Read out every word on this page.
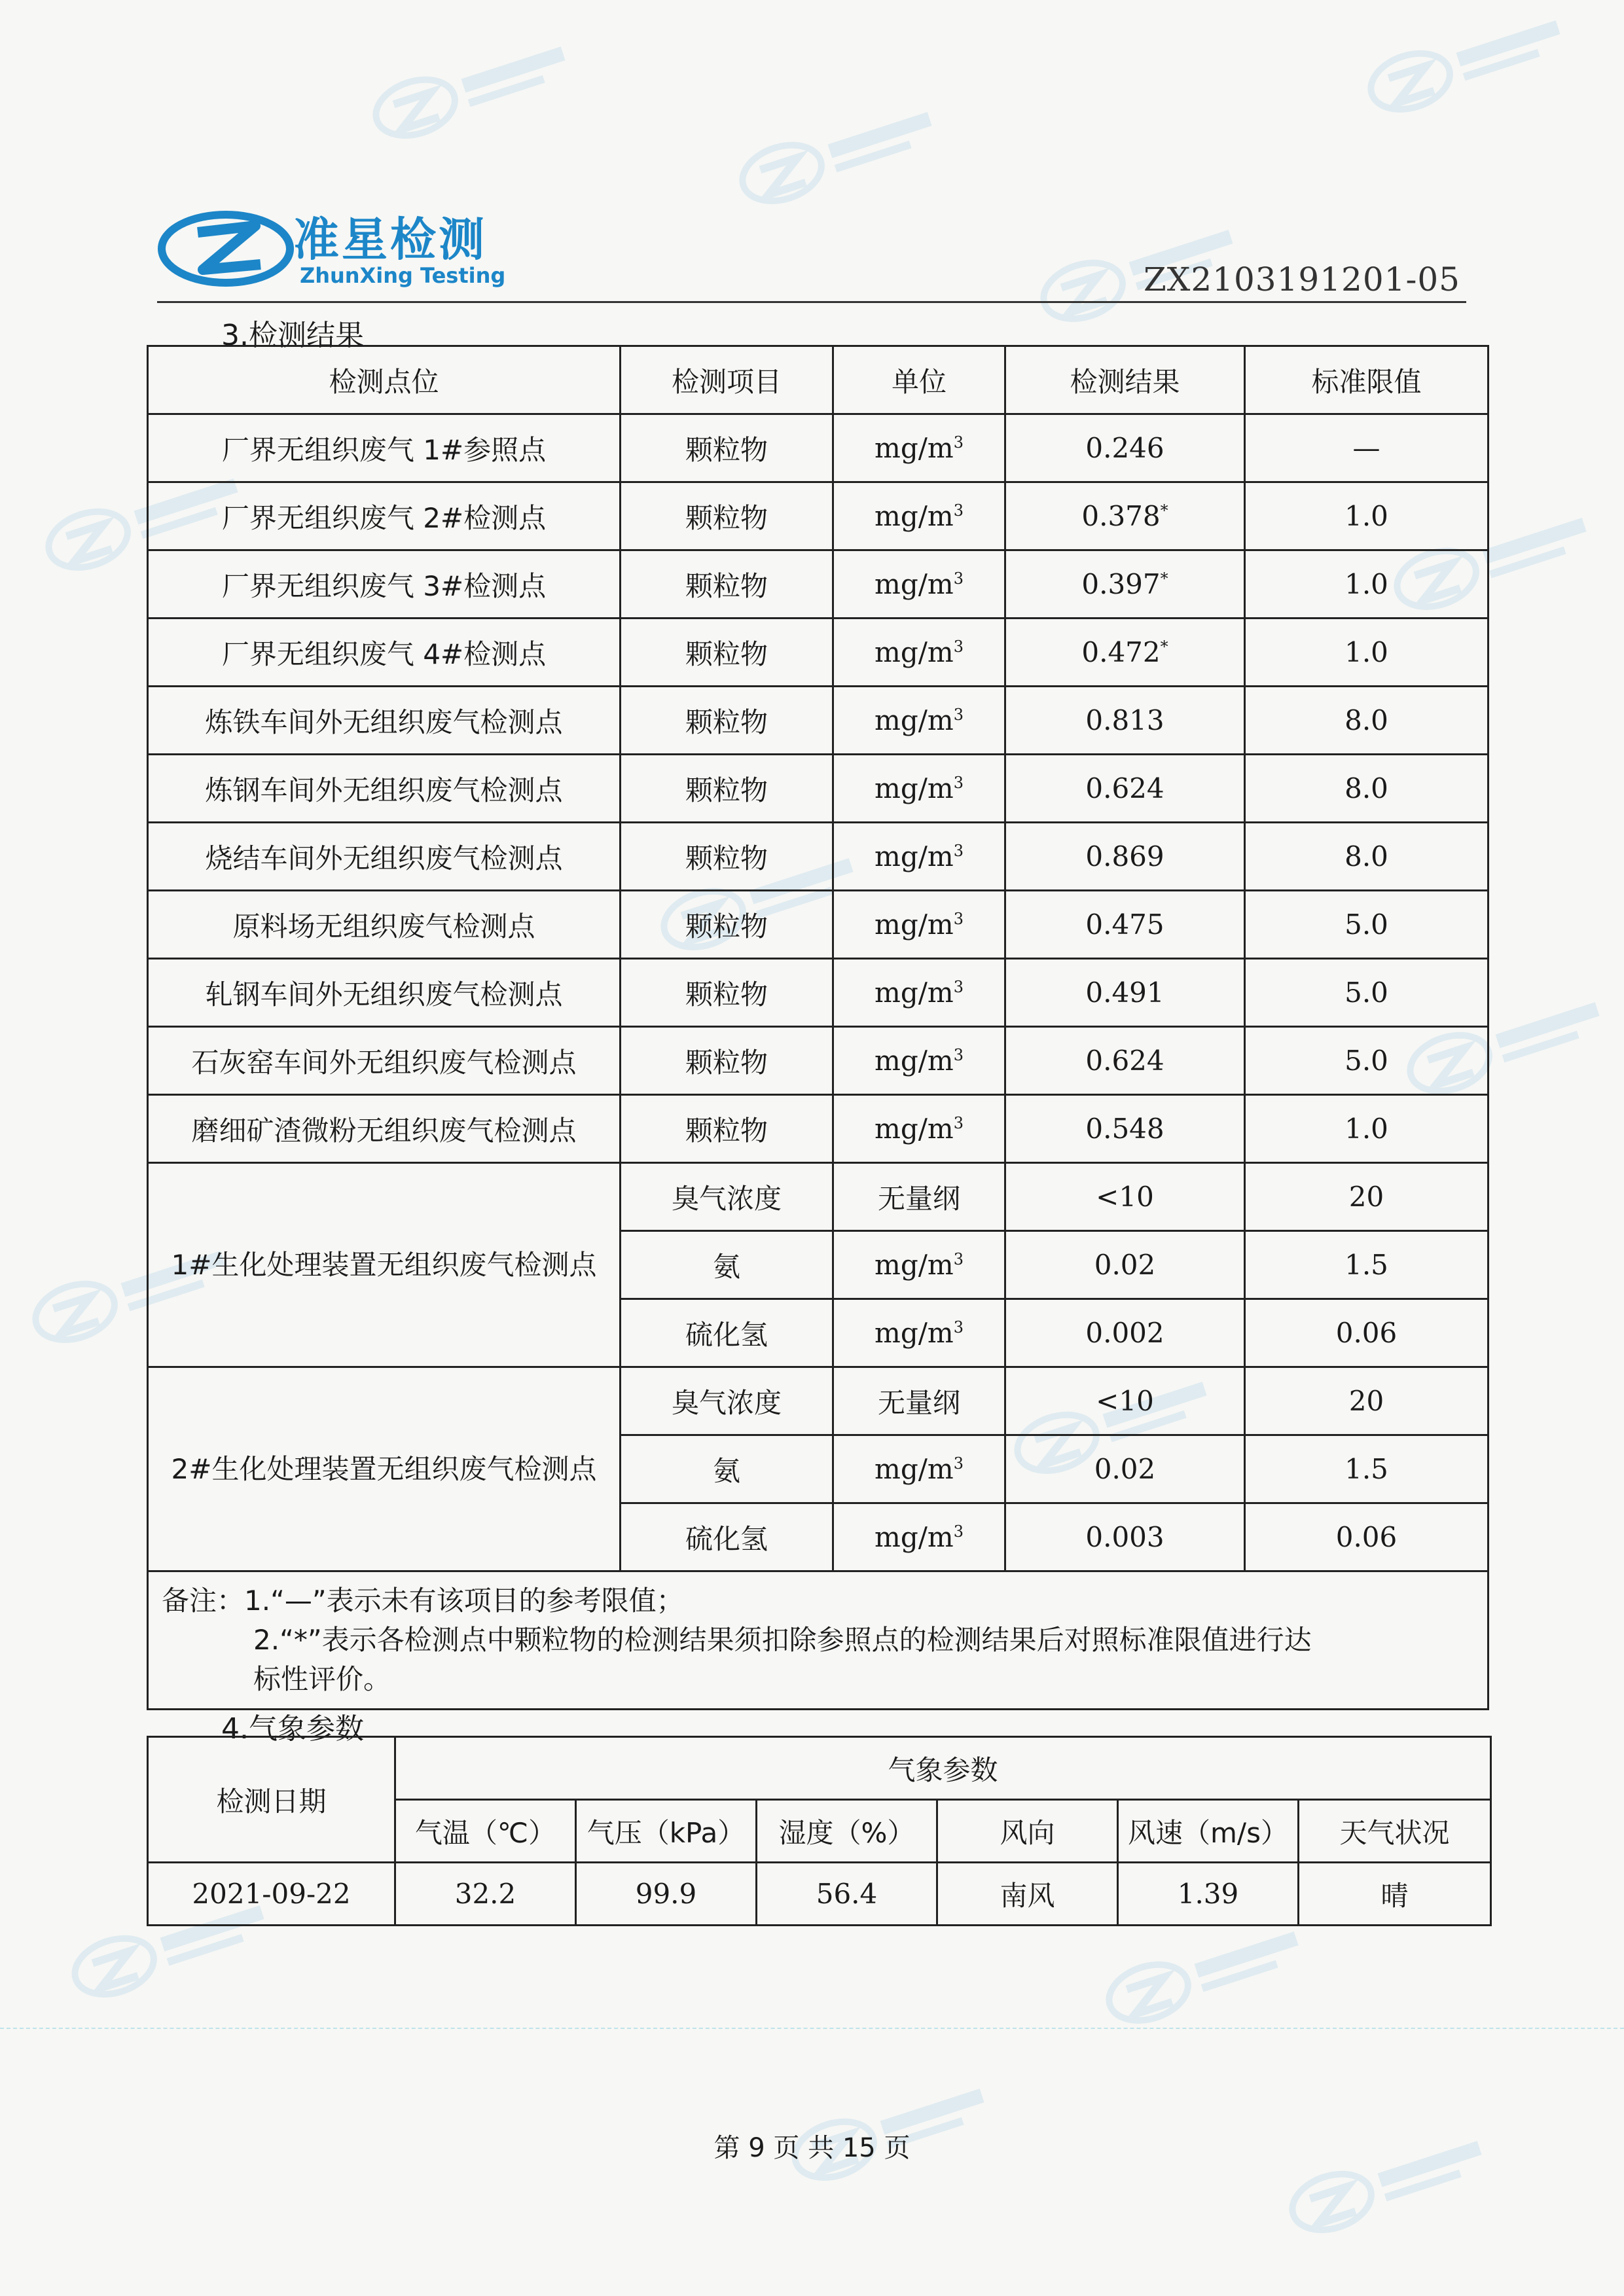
准星检测
ZhunXing Testing	ZX2103191201-05
3.检测结果
检测点位	检测项目	单位	检测结果	标准限值
厂界无组织废气 1#参照点	颗粒物	$mg/m^3$	0.246	—
厂界无组织废气 2#检测点	颗粒物	$mg/m^3$	0.378*	1.0
厂界无组织废气 3#检测点	颗粒物	$mg/m^3$	0.397*	1.0
厂界无组织废气 4#检测点	颗粒物	$mg/m^3$	0.472*	1.0
炼铁车间外无组织废气检测点	颗粒物	$mg/m^3$	0.813	8.0
炼钢车间外无组织废气检测点	颗粒物	$mg/m^3$	0.624	8.0
烧结车间外无组织废气检测点	颗粒物	$mg/m^3$	0.869	8.0
原料场无组织废气检测点	颗粒物	$mg/m^3$	0.475	5.0
轧钢车间外无组织废气检测点	颗粒物	$mg/m^3$	0.491	5.0
石灰窑车间外无组织废气检测点	颗粒物	$mg/m^3$	0.624	5.0
磨细矿渣微粉无组织废气检测点	颗粒物	$mg/m^3$	0.548	1.0
1#生化处理装置无组织废气检测点	臭气浓度	无量纲	<10	20
	氨	$mg/m^3$	0.02	1.5
	硫化氢	$mg/m^3$	0.002	0.06
2#生化处理装置无组织废气检测点	臭气浓度	无量纲	<10	20
	氨	$mg/m^3$	0.02	1.5
	硫化氢	$mg/m^3$	0.003	0.06

备注：1.“—”表示未有该项目的参考限值；
2.“*”表示各检测点中颗粒物的检测结果须扣除参照点的检测结果后对照标准限值进行达
标性评价。				
4.气象参数
检测日期	气象参数					
	气温（℃）	气压（kPa）	湿度（%）	风向	风速（m/s）	天气状况
2021-09-22	32.2	99.9	56.4	南风	1.39	晴
第 9 页 共 15 页
